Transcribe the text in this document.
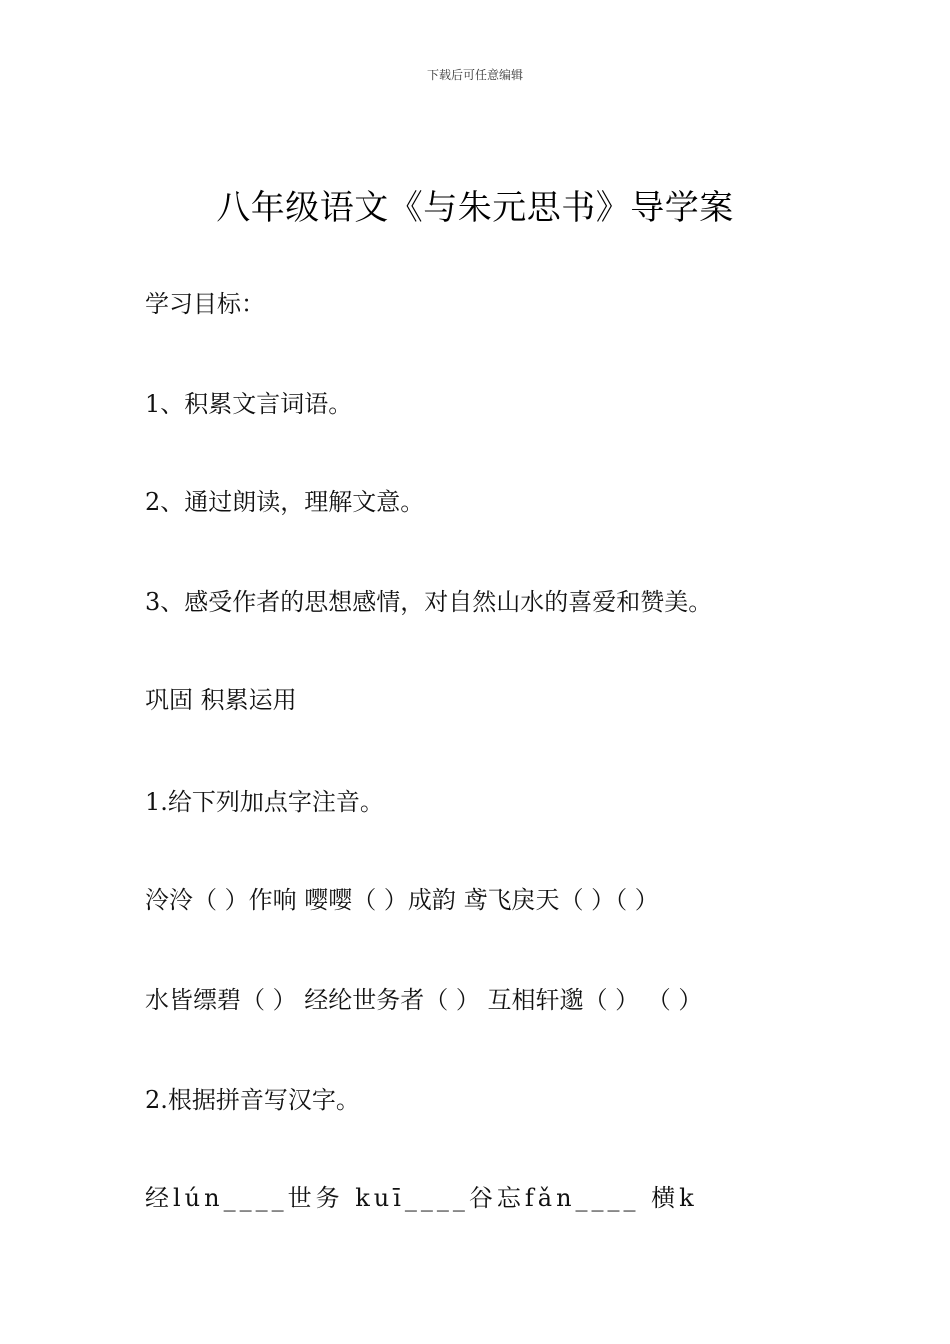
下载后可任意编辑
八年级语文《与朱元思书》导学案
学习目标：
1、积累文言词语。
2、通过朗读，理解文意。
3、感受作者的思想感情，对自然山水的喜爱和赞美。
巩固 积累运用
1.给下列加点字注音。
泠泠（ ）作响 嘤嘤（ ）成韵 鸢飞戾天（ ）（ ）
水皆缥碧（ ） 经纶世务者（ ） 互相轩邈（ ） （ ）
2.根据拼音写汉字。
经lún____世务 kuī____谷忘fǎn____ 横k
